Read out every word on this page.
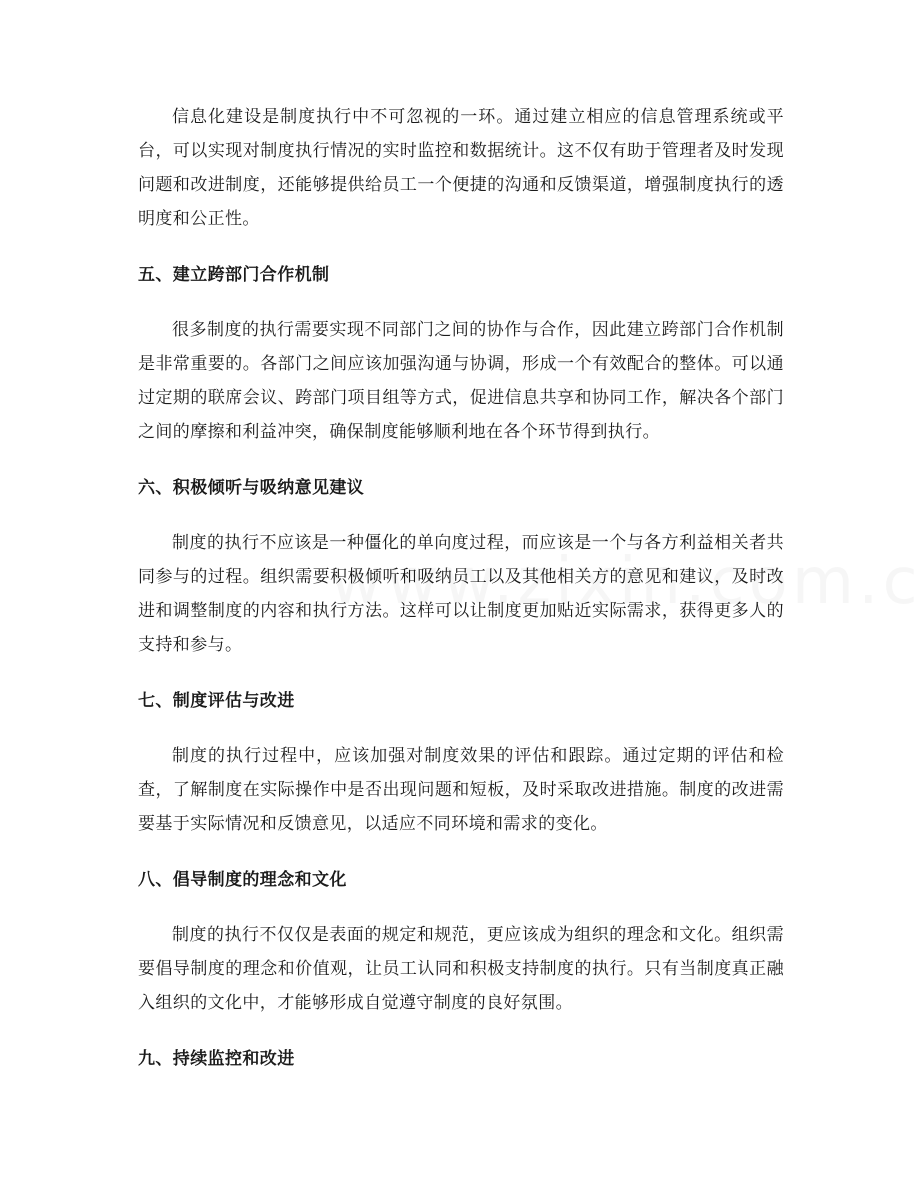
信息化建设是制度执行中不可忽视的一环。通过建立相应的信息管理系统或平台，可以实现对制度执行情况的实时监控和数据统计。这不仅有助于管理者及时发现问题和改进制度，还能够提供给员工一个便捷的沟通和反馈渠道，增强制度执行的透明度和公正性。

五、建立跨部门合作机制

很多制度的执行需要实现不同部门之间的协作与合作，因此建立跨部门合作机制是非常重要的。各部门之间应该加强沟通与协调，形成一个有效配合的整体。可以通过定期的联席会议、跨部门项目组等方式，促进信息共享和协同工作，解决各个部门之间的摩擦和利益冲突，确保制度能够顺利地在各个环节得到执行。

六、积极倾听与吸纳意见建议

制度的执行不应该是一种僵化的单向度过程，而应该是一个与各方利益相关者共同参与的过程。组织需要积极倾听和吸纳员工以及其他相关方的意见和建议，及时改进和调整制度的内容和执行方法。这样可以让制度更加贴近实际需求，获得更多人的支持和参与。

七、制度评估与改进

制度的执行过程中，应该加强对制度效果的评估和跟踪。通过定期的评估和检查，了解制度在实际操作中是否出现问题和短板，及时采取改进措施。制度的改进需要基于实际情况和反馈意见，以适应不同环境和需求的变化。

八、倡导制度的理念和文化

制度的执行不仅仅是表面的规定和规范，更应该成为组织的理念和文化。组织需要倡导制度的理念和价值观，让员工认同和积极支持制度的执行。只有当制度真正融入组织的文化中，才能够形成自觉遵守制度的良好氛围。

九、持续监控和改进
